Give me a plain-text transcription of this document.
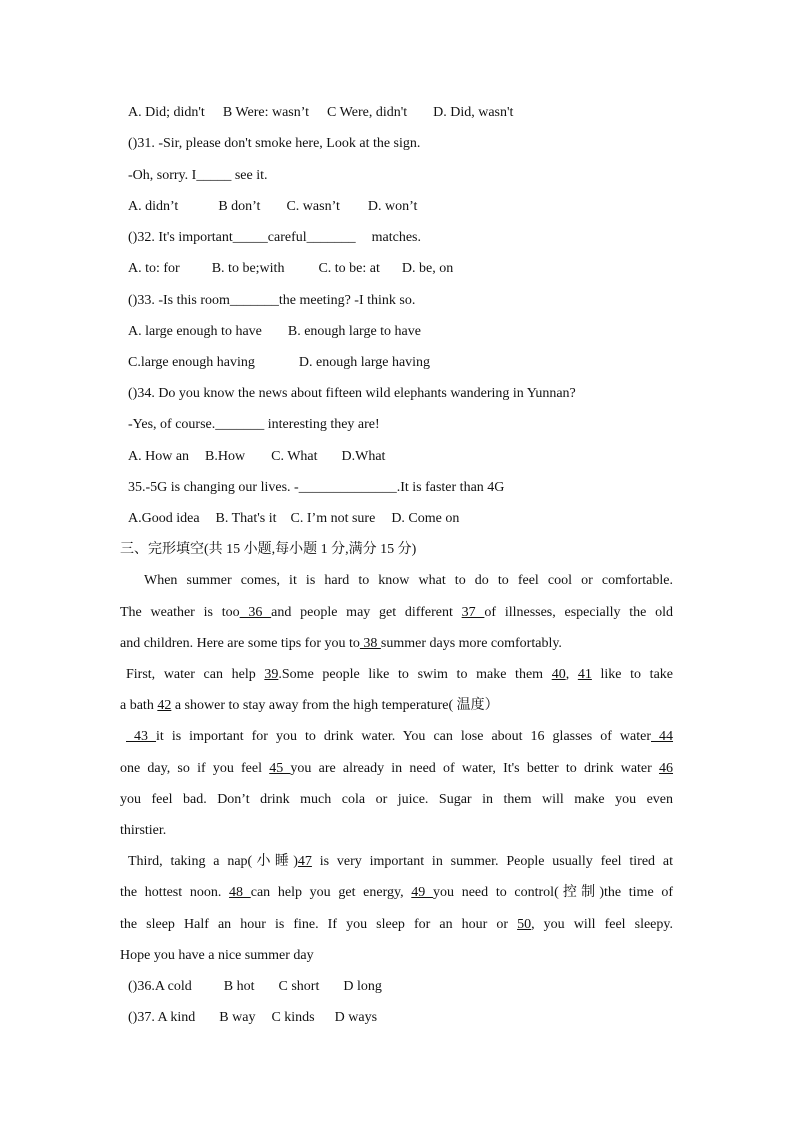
A. Did; didn't B Were: wasn’t C Were, didn't D. Did, wasn't
()31. -Sir, please don't smoke here, Look at the sign.
-Oh, sorry. I_____ see it.
A. didn’t	B don’t C. wasn’t D. won’t
()32. It's important_____careful_______ matches.
A. to: for B. to be;with C. to be: at D. be, on
()33. -Is this room_______the meeting? -I think so.
A. large enough to have B. enough large to have
C.large enough having	D. enough large having
()34. Do you know the news about fifteen wild elephants wandering in Yunnan?
-Yes, of course._______ interesting they are!
A. How an B.How C. What D.What
35.-5G is changing our lives. -______________.It is faster than 4G
A.Good idea B. That's it C. I’m not sure D. Come on
三、完形填空(共 15 小题,每小题 1 分,满分 15 分)
When summer comes, it is hard to know what to do to feel cool or comfortable.
The weather is too 36 and people may get different 37 of illnesses, especially the old
and children. Here are some tips for you to 38 summer days more comfortably.
First, water can help 39.Some people like to swim to make them 40, 41 like to take
a bath 42 a shower to stay away from the high temperature( 温度）
43 it is important for you to drink water. You can lose about 16 glasses of water 44
one day, so if you feel 45 you are already in need of water, It's better to drink water 46
you feel bad. Don’t drink much cola or juice. Sugar in them will make you even
thirstier.
Third, taking a nap(小睡)47 is very important in summer. People usually feel tired at
the hottest noon. 48 can help you get energy, 49 you need to control(控制)the time of
the sleep Half an hour is fine. If you sleep for an hour or 50, you will feel sleepy.
Hope you have a nice summer day
()36.A cold B hot C short D long
()37. A kind B way C kinds D ways
